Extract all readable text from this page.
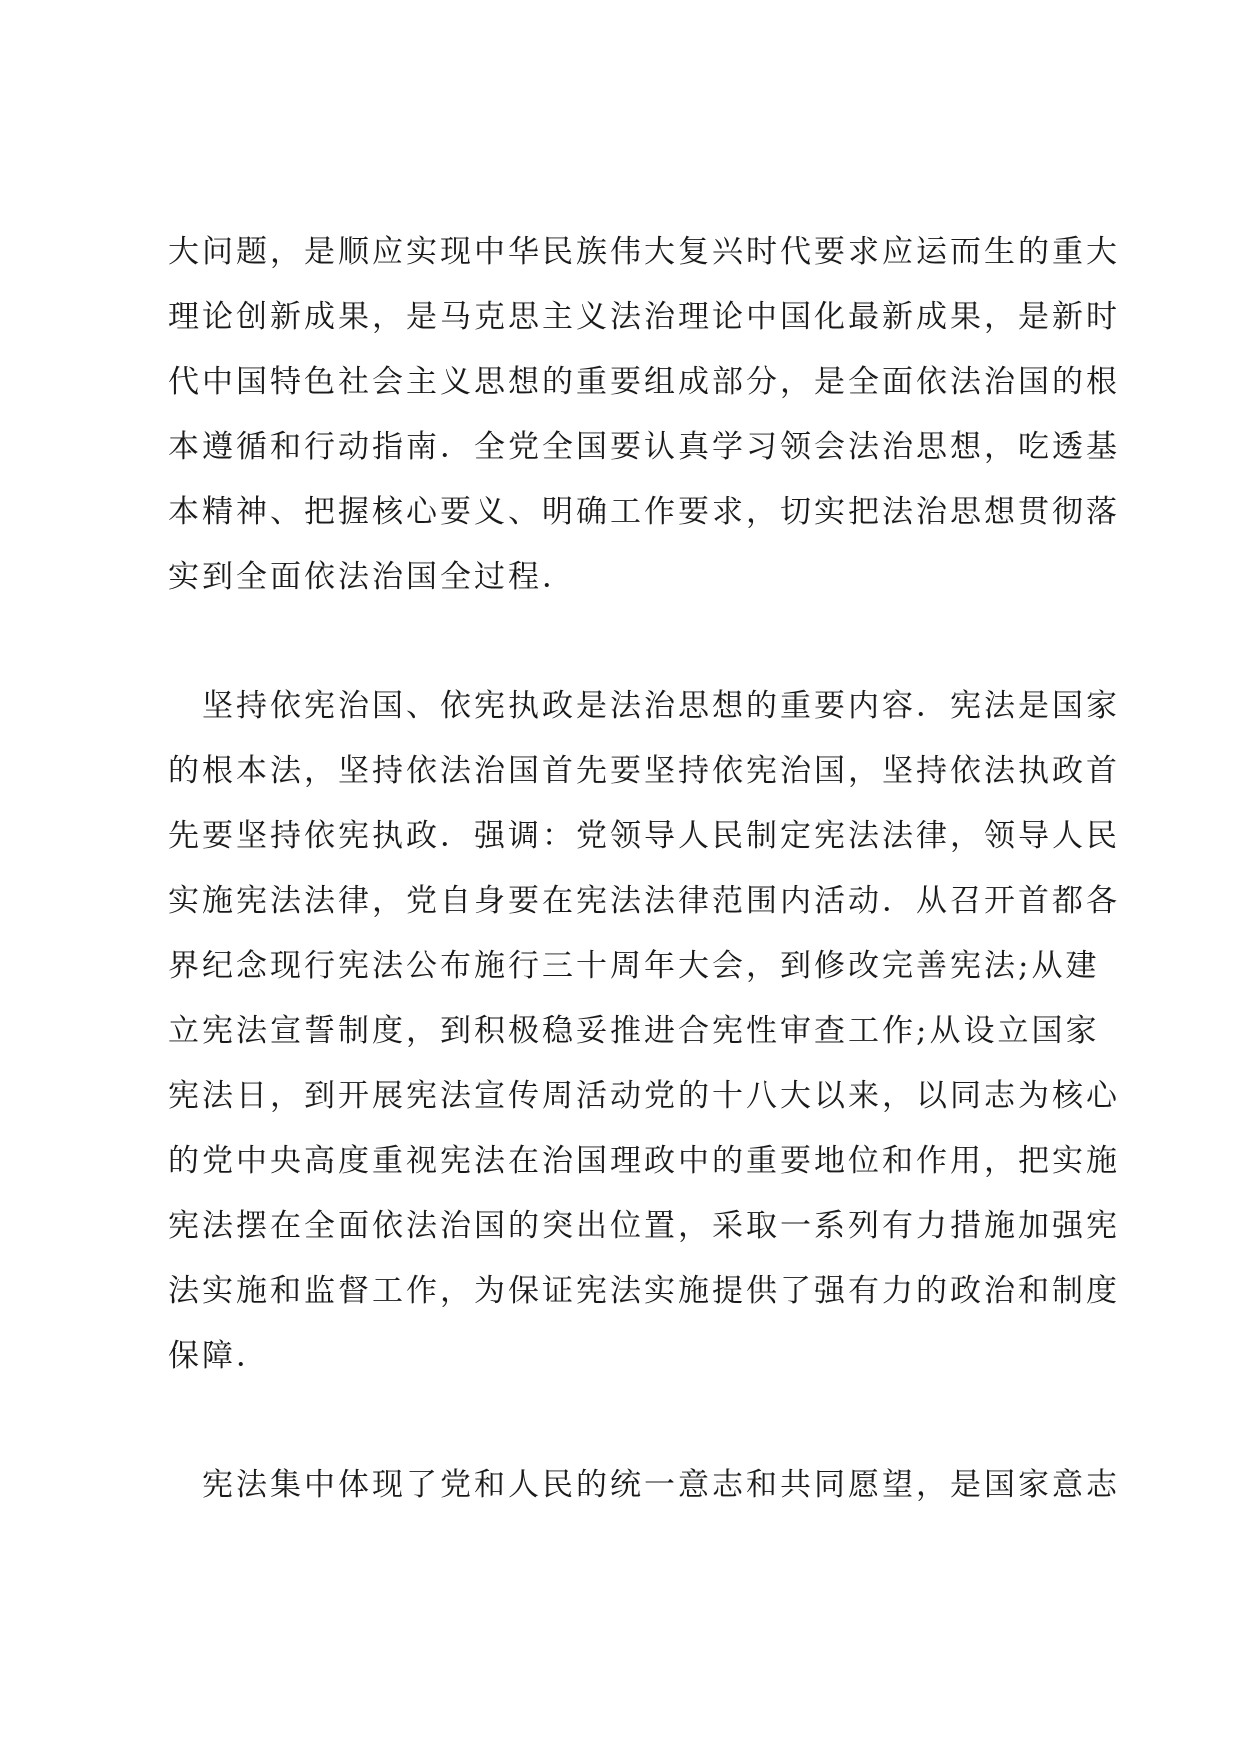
大问题，是顺应实现中华民族伟大复兴时代要求应运而生的重大
理论创新成果，是马克思主义法治理论中国化最新成果，是新时
代中国特色社会主义思想的重要组成部分，是全面依法治国的根
本遵循和行动指南．全党全国要认真学习领会法治思想，吃透基
本精神、把握核心要义、明确工作要求，切实把法治思想贯彻落
实到全面依法治国全过程．
坚持依宪治国、依宪执政是法治思想的重要内容．宪法是国家
的根本法，坚持依法治国首先要坚持依宪治国，坚持依法执政首
先要坚持依宪执政．强调：党领导人民制定宪法法律，领导人民
实施宪法法律，党自身要在宪法法律范围内活动．从召开首都各
界纪念现行宪法公布施行三十周年大会，到修改完善宪法;从建
立宪法宣誓制度，到积极稳妥推进合宪性审查工作;从设立国家
宪法日，到开展宪法宣传周活动党的十八大以来，以同志为核心
的党中央高度重视宪法在治国理政中的重要地位和作用，把实施
宪法摆在全面依法治国的突出位置，采取一系列有力措施加强宪
法实施和监督工作，为保证宪法实施提供了强有力的政治和制度
保障．
宪法集中体现了党和人民的统一意志和共同愿望，是国家意志
